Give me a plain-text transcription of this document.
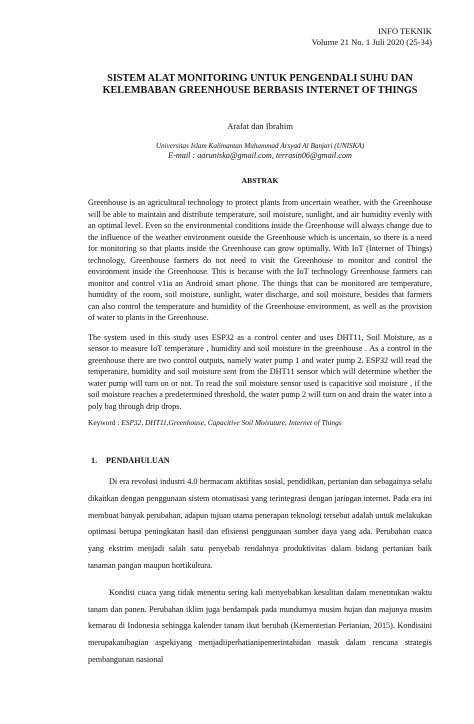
INFO TEKNIK
Volume 21 No. 1 Juli 2020 (25-34)
SISTEM ALAT MONITORING UNTUK PENGENDALI SUHU DAN
KELEMBABAN GREENHOUSE BERBASIS INTERNET OF THINGS
Arafat dan Ibrahim
Universitas Islam Kalimantan Muhammad Arsyad Al Banjari (UNISKA)
E-mail : aaruniska@gmail.com, terrasin06@gmail.com
ABSTRAK
Greenhouse is an agricultural technology to protect plants from uncertain weather, with the Greenhouse will be able to maintain and distribute temperature, soil moisture, sunlight, and air humidity evenly with an optimal level. Even so the environmental conditions inside the Greenhouse will always change due to the influence of the weather environment outside the Greenhouse which is uncertain, so there is a need for monitoring so that plants inside the Greenhouse can grow optimally. With IoT (Internet of Things) technology, Greenhouse farmers do not need to visit the Greenhouse to monitor and control the environment inside the Greenhouse. This is because with the IoT technology Greenhouse farmers can monitor and control v1ia an Android smart phone. The things that can be monitored are temperature, humidity of the room, soil moisture, sunlight, water discharge, and soil moisture, besides that farmers can also control the temperature and humidity of the Greenhouse environment, as well as the provision of water to plants in the Greenhouse.
The system used in this study uses ESP32 as a control center and uses DHT11, Soil Moisture, as a sensor to measure IoT temperature , humidity and soil moisture in the greenhouse . As a control in the greenhouse there are two control outputs, namely water pump 1 and water pump 2. ESP32 will read the temperature, humidity and soil moisture sent from the DHT11 sensor which will determine whether the water pump will turn on or not. To read the soil moisture sensor used is capacitive soil moisture , if the soil moisture reaches a predetermined threshold, the water pump 2 will turn on and drain the water into a poly bag through drip drops.
Keyword : ESP32, DHT11,Greenhouse, Capacitive Soil Moisuture, Internet of Things
1. PENDAHULUAN
Di era revolusi industri 4.0 bermacam aktifitas sosial, pendidikan, pertanian dan sebagainya selalu dikaitkan dengan penggunaan sistem otomatisasi yang terintegrasi dengan jaringan internet. Pada era ini membuat banyak perubahan, adapun tujuan utama penerapan teknologi tersebut adalah untuk melakukan optimasi berupa peningkatan hasil dan efisiensi penggunaan sumber daya yang ada. Perubahan cuaca yang ekstrim menjadi salah satu penyebab rendahnya produktivitas dalam bidang pertanian baik tanaman pangan maupun hortikultura.
Kondisi cuaca yang tidak menentu sering kali menyebabkan kesulitan dalam menentukan waktu tanam dan panen. Perubahan iklim juga berdampak pada mundurnya musim hujan dan majunya musim kemarau di Indonesia sehingga kalender tanam ikut berubah (Kementerian Pertanian, 2015). Kondisiini merupakanibagian aspekiyang menjadiiperhatianipemerintahidan masuk dalam rencana strategis pembangunan nasional
